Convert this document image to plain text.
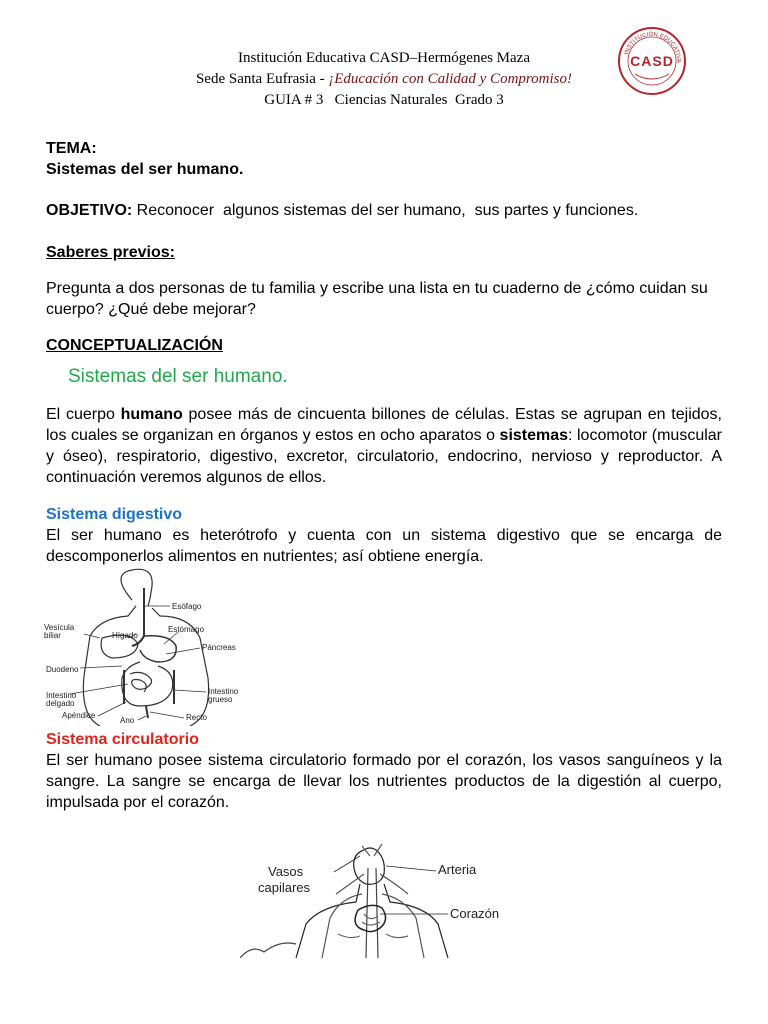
Institución Educativa CASD–Hermógenes Maza
Sede Santa Eufrasia - ¡Educación con Calidad y Compromiso!
GUIA # 3   Ciencias Naturales  Grado 3
INSTITUCIÓN EDUCATIVA
CASD
TEMA:
Sistemas del ser humano.
OBJETIVO: Reconocer  algunos sistemas del ser humano,  sus partes y funciones.
Saberes previos:
Pregunta a dos personas de tu familia y escribe una lista en tu cuaderno de ¿cómo cuidan su cuerpo? ¿Qué debe mejorar?
CONCEPTUALIZACIÓN
Sistemas del ser humano.
El cuerpo humano posee más de cincuenta billones de células. Estas se agrupan en tejidos, los cuales se organizan en órganos y estos en ocho aparatos o sistemas: locomotor (muscular y óseo), respiratorio, digestivo, excretor, circulatorio, endocrino, nervioso y reproductor. A continuación veremos algunos de ellos.
Sistema digestivo
El ser humano es heterótrofo y cuenta con un sistema digestivo que se encarga de descomponerlos alimentos en nutrientes; así obtiene energía.
Esófago
Vesícula
biliar	Hígado
Estómago
Páncreas
Duodeno
Intestino
delgado
Intestino
grueso
Apéndice
Ano	Recto
Sistema circulatorio
El ser humano posee sistema circulatorio formado por el corazón, los vasos sanguíneos y la sangre. La sangre se encarga de llevar los nutrientes productos de la digestión al cuerpo, impulsada por el corazón.
Vasos
capilares
Arteria
Corazón
